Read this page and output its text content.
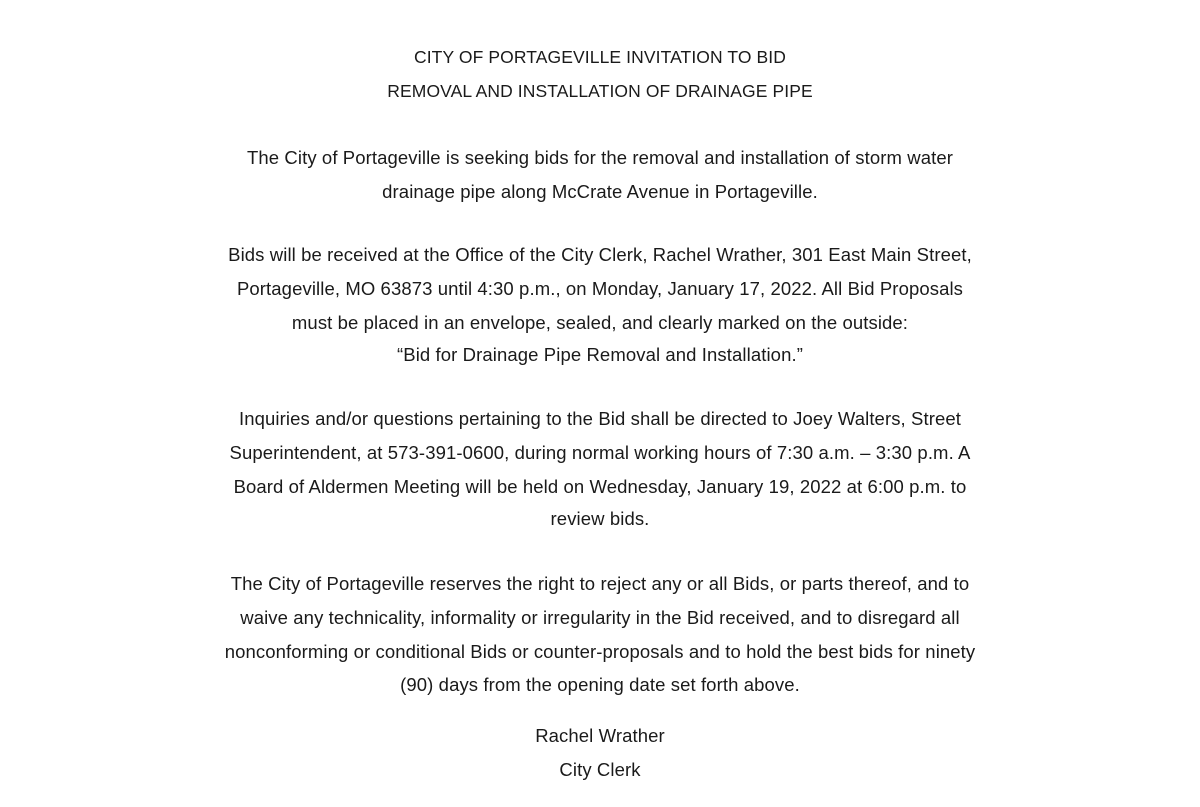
CITY OF PORTAGEVILLE INVITATION TO BID
REMOVAL AND INSTALLATION OF DRAINAGE PIPE
The City of Portageville is seeking bids for the removal and installation of storm water
drainage pipe along McCrate Avenue in Portageville.
Bids will be received at the Office of the City Clerk, Rachel Wrather, 301 East Main Street,
Portageville, MO 63873 until 4:30 p.m., on Monday, January 17, 2022. All Bid Proposals
must be placed in an envelope, sealed, and clearly marked on the outside:
“Bid for Drainage Pipe Removal and Installation.”
Inquiries and/or questions pertaining to the Bid shall be directed to Joey Walters, Street
Superintendent, at 573-391-0600, during normal working hours of 7:30 a.m. – 3:30 p.m. A
Board of Aldermen Meeting will be held on Wednesday, January 19, 2022 at 6:00 p.m. to
review bids.
The City of Portageville reserves the right to reject any or all Bids, or parts thereof, and to
waive any technicality, informality or irregularity in the Bid received, and to disregard all
nonconforming or conditional Bids or counter-proposals and to hold the best bids for ninety
(90) days from the opening date set forth above.
Rachel Wrather
City Clerk
